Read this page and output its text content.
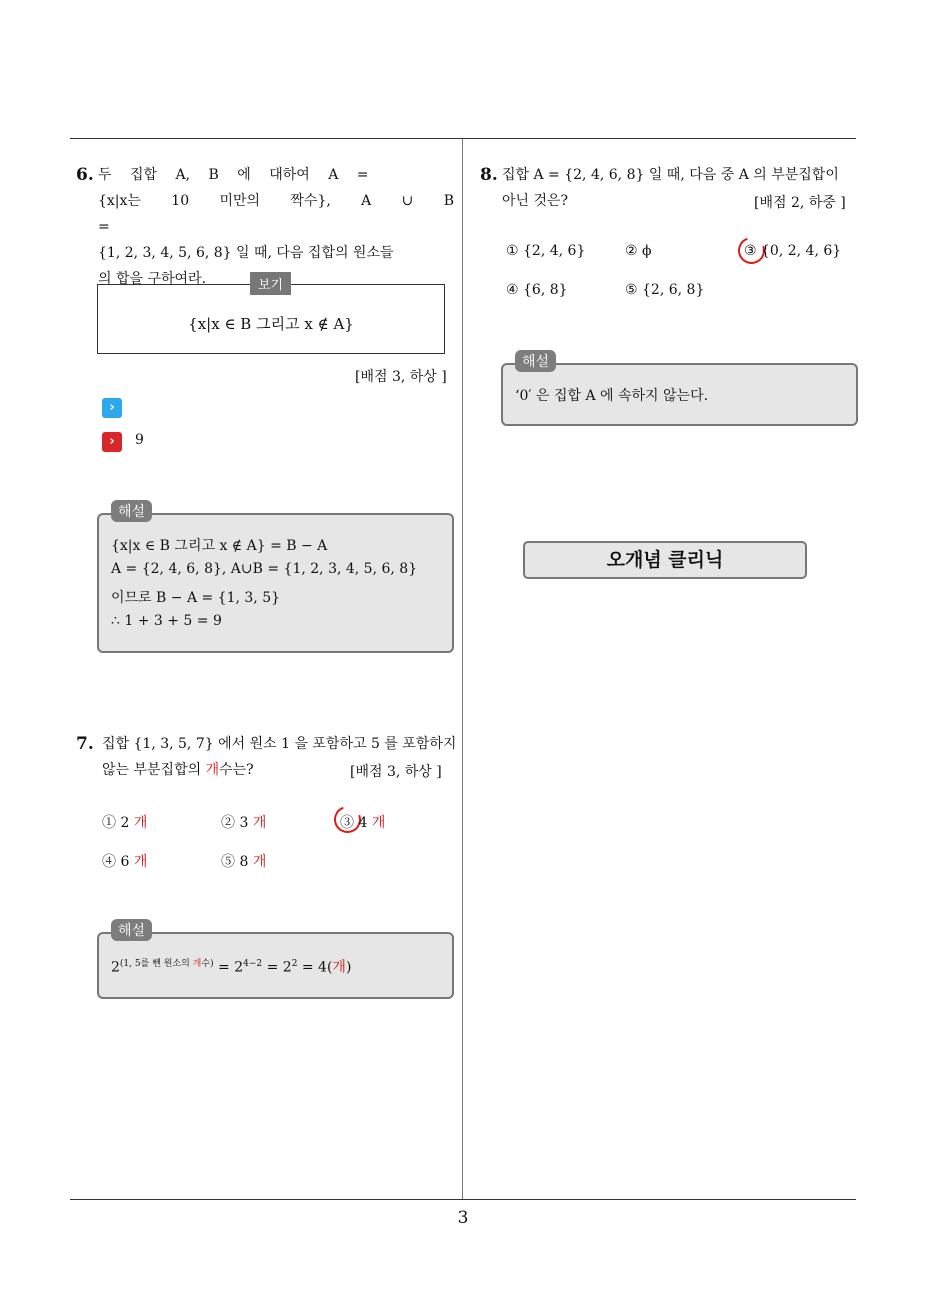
6. 두 집합 A, B 에 대하여 A =
{x|x는 10 미만의 짝수}, A ∪ B =
{1, 2, 3, 4, 5, 6, 8} 일 때, 다음 집합의 원소들
의 합을 구하여라.
{x|x ∈ B 그리고 x ∉ A}
보기
[배점 3, 하상 ]
›
›	9
{x|x ∈ B 그리고 x ∉ A} = B − A
A = {2, 4, 6, 8}, A∪B = {1, 2, 3, 4, 5, 6, 8}
이므로 B − A = {1, 3, 5}
∴ 1 + 3 + 5 = 9
해설
7. 집합 {1, 3, 5, 7} 에서 원소 1 을 포함하고 5 를 포함하지
않는 부분집합의 개수는?	[배점 3, 하상 ]
① 2 개	② 3 개	③ 4 개
④ 6 개	⑤ 8 개
$2^{(1, 5를 뺀 원소의 개수)} = 2^{4-2} = 2^2 = 4$(개)
해설
8. 집합 A = {2, 4, 6, 8} 일 때, 다음 중 A 의 부분집합이
아닌 것은?	[배점 2, 하중 ]
① {2, 4, 6}	② ϕ	③ {0, 2, 4, 6}
④ {6, 8}	⑤ {2, 6, 8}
‘0′ 은 집합 A 에 속하지 않는다.
해설
오개념 클리닉
3
